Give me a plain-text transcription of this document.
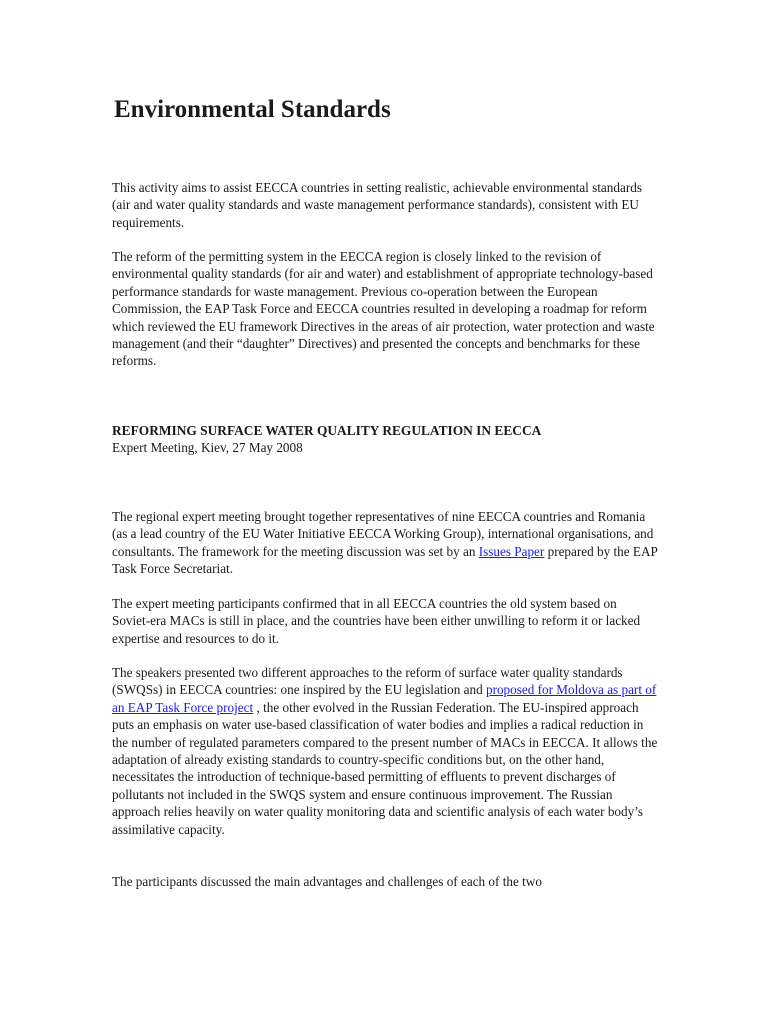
Environmental Standards

This activity aims to assist EECCA countries in setting realistic, achievable environmental standards (air and water quality standards and waste management performance standards), consistent with EU requirements.

The reform of the permitting system in the EECCA region is closely linked to the revision of environmental quality standards (for air and water) and establishment of appropriate technology-based performance standards for waste management. Previous co-operation between the European Commission, the EAP Task Force and EECCA countries resulted in developing a roadmap for reform which reviewed the EU framework Directives in the areas of air protection, water protection and waste management (and their “daughter” Directives) and presented the concepts and benchmarks for these reforms.

REFORMING SURFACE WATER QUALITY REGULATION IN EECCA

Expert Meeting, Kiev, 27 May 2008

The regional expert meeting brought together representatives of nine EECCA countries and Romania (as a lead country of the EU Water Initiative EECCA Working Group), international organisations, and consultants. The framework for the meeting discussion was set by an Issues Paper prepared by the EAP Task Force Secretariat.

The expert meeting participants confirmed that in all EECCA countries the old system based on Soviet-era MACs is still in place, and the countries have been either unwilling to reform it or lacked expertise and resources to do it.

The speakers presented two different approaches to the reform of surface water quality standards (SWQSs) in EECCA countries: one inspired by the EU legislation and proposed for Moldova as part of an EAP Task Force project , the other evolved in the Russian Federation. The EU-inspired approach puts an emphasis on water use-based classification of water bodies and implies a radical reduction in the number of regulated parameters compared to the present number of MACs in EECCA. It allows the adaptation of already existing standards to country-specific conditions but, on the other hand, necessitates the introduction of technique-based permitting of effluents to prevent discharges of pollutants not included in the SWQS system and ensure continuous improvement. The Russian approach relies heavily on water quality monitoring data and scientific analysis of each water body’s assimilative capacity.

The participants discussed the main advantages and challenges of each of the two
